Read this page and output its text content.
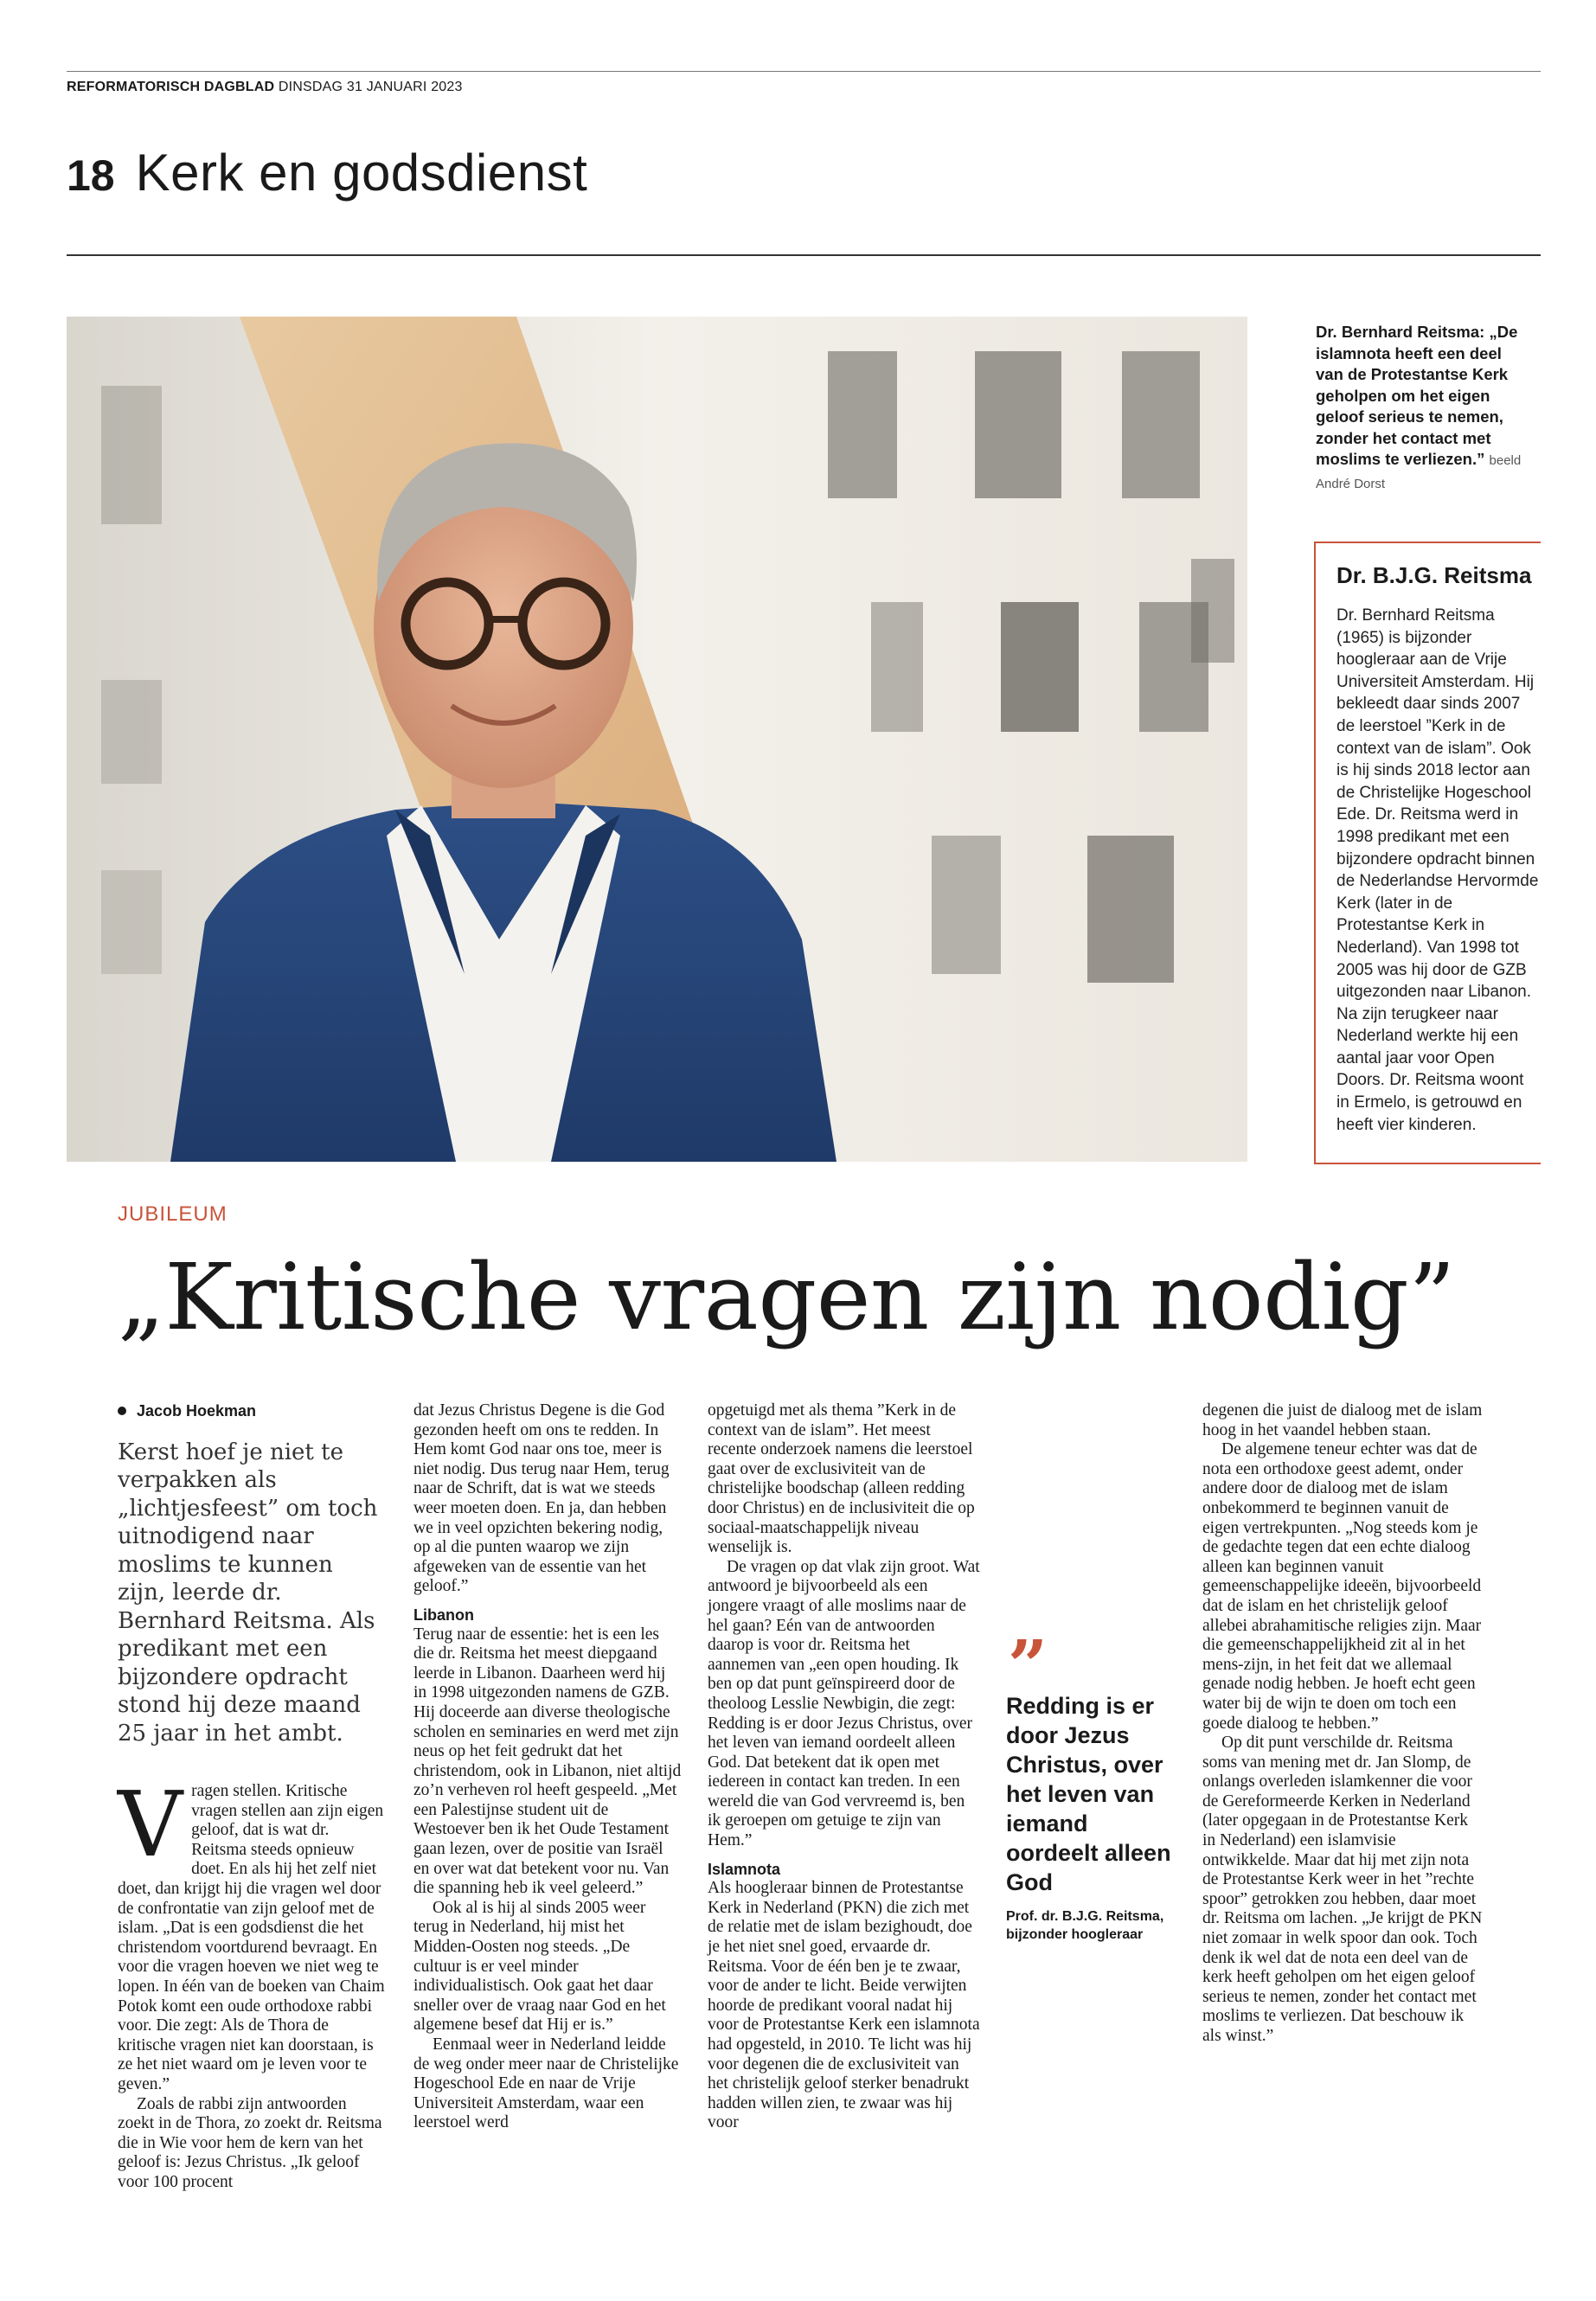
REFORMATORISCH DAGBLAD DINSDAG 31 JANUARI 2023
18 Kerk en godsdienst
Dr. Bernhard Reitsma: „De islamnota heeft een deel van de Protestantse Kerk geholpen om het eigen geloof serieus te nemen, zonder het contact met moslims te verliezen.” beeld André Dorst
Dr. B.J.G. Reitsma
Dr. Bernhard Reitsma (1965) is bijzonder hoogleraar aan de Vrije Universiteit Amsterdam. Hij bekleedt daar sinds 2007 de leerstoel ”Kerk in de context van de islam”. Ook is hij sinds 2018 lector aan de Christelijke Hogeschool Ede. Dr. Reitsma werd in 1998 predikant met een bijzondere opdracht binnen de Nederlandse Hervormde Kerk (later in de Protestantse Kerk in Nederland). Van 1998 tot 2005 was hij door de GZB uitgezonden naar Libanon. Na zijn terugkeer naar Nederland werkte hij een aantal jaar voor Open Doors. Dr. Reitsma woont in Ermelo, is getrouwd en heeft vier kinderen.
JUBILEUM
„Kritische vragen zijn nodig”
Jacob Hoekman
Kerst hoef je niet te verpakken als „lichtjesfeest” om toch uitnodigend naar moslims te kunnen zijn, leerde dr. Bernhard Reitsma. Als predikant met een bijzondere opdracht stond hij deze maand 25 jaar in het ambt.

Vragen stellen. Kritische vragen stellen aan zijn eigen geloof, dat is wat dr. Reitsma steeds opnieuw doet. En als hij het zelf niet doet, dan krijgt hij die vragen wel door de confrontatie van zijn geloof met de islam. „Dat is een godsdienst die het christendom voortdurend bevraagt. En voor die vragen hoeven we niet weg te lopen. In één van de boeken van Chaim Potok komt een oude orthodoxe rabbi voor. Die zegt: Als de Thora de kritische vragen niet kan doorstaan, is ze het niet waard om je leven voor te geven.”

Zoals de rabbi zijn antwoorden zoekt in de Thora, zo zoekt dr. Reitsma die in Wie voor hem de kern van het geloof is: Jezus Christus. „Ik geloof voor 100 procent

dat Jezus Christus Degene is die God gezonden heeft om ons te redden. In Hem komt God naar ons toe, meer is niet nodig. Dus terug naar Hem, terug naar de Schrift, dat is wat we steeds weer moeten doen. En ja, dan hebben we in veel opzichten bekering nodig, op al die punten waarop we zijn afgeweken van de essentie van het geloof.”

Libanon

Terug naar de essentie: het is een les die dr. Reitsma het meest diepgaand leerde in Libanon. Daarheen werd hij in 1998 uitgezonden namens de GZB. Hij doceerde aan diverse theologische scholen en seminaries en werd met zijn neus op het feit gedrukt dat het christendom, ook in Libanon, niet altijd zo’n verheven rol heeft gespeeld. „Met een Palestijnse student uit de Westoever ben ik het Oude Testament gaan lezen, over de positie van Israël en over wat dat betekent voor nu. Van die spanning heb ik veel geleerd.”

Ook al is hij al sinds 2005 weer terug in Nederland, hij mist het Midden-Oosten nog steeds. „De cultuur is er veel minder individualistisch. Ook gaat het daar sneller over de vraag naar God en het algemene besef dat Hij er is.”

Eenmaal weer in Nederland leidde de weg onder meer naar de Christelijke Hogeschool Ede en naar de Vrije Universiteit Amsterdam, waar een leerstoel werd

opgetuigd met als thema ”Kerk in de context van de islam”. Het meest recente onderzoek namens die leerstoel gaat over de exclusiviteit van de christelijke boodschap (alleen redding door Christus) en de inclusiviteit die op sociaal-maatschappelijk niveau wenselijk is.

De vragen op dat vlak zijn groot. Wat antwoord je bijvoorbeeld als een jongere vraagt of alle moslims naar de hel gaan? Eén van de antwoorden daarop is voor dr. Reitsma het aannemen van „een open houding. Ik ben op dat punt geïnspireerd door de theoloog Lesslie Newbigin, die zegt: Redding is er door Jezus Christus, over het leven van iemand oordeelt alleen God. Dat betekent dat ik open met iedereen in contact kan treden. In een wereld die van God vervreemd is, ben ik geroepen om getuige te zijn van Hem.”

Islamnota

Als hoogleraar binnen de Protestantse Kerk in Nederland (PKN) die zich met de relatie met de islam bezighoudt, doe je het niet snel goed, ervaarde dr. Reitsma. Voor de één ben je te zwaar, voor de ander te licht. Beide verwijten hoorde de predikant vooral nadat hij voor de Protestantse Kerk een islamnota had opgesteld, in 2010. Te licht was hij voor degenen die de exclusiviteit van het christelijk geloof sterker benadrukt hadden willen zien, te zwaar was hij voor

”
Redding is er door Jezus Christus, over het leven van iemand oordeelt alleen God
Prof. dr. B.J.G. Reitsma, bijzonder hoogleraar

degenen die juist de dialoog met de islam hoog in het vaandel hebben staan.

De algemene teneur echter was dat de nota een orthodoxe geest ademt, onder andere door de dialoog met de islam onbekommerd te beginnen vanuit de eigen vertrekpunten. „Nog steeds kom je de gedachte tegen dat een echte dialoog alleen kan beginnen vanuit gemeenschappelijke ideeën, bijvoorbeeld dat de islam en het christelijk geloof allebei abrahamitische religies zijn. Maar die gemeenschappelijkheid zit al in het mens-zijn, in het feit dat we allemaal genade nodig hebben. Je hoeft echt geen water bij de wijn te doen om toch een goede dialoog te hebben.”

Op dit punt verschilde dr. Reitsma soms van mening met dr. Jan Slomp, de onlangs overleden islamkenner die voor de Gereformeerde Kerken in Nederland (later opgegaan in de Protestantse Kerk in Nederland) een islamvisie ontwikkelde. Maar dat hij met zijn nota de Protestantse Kerk weer in het ”rechte spoor” getrokken zou hebben, daar moet dr. Reitsma om lachen. „Je krijgt de PKN niet zomaar in welk spoor dan ook. Toch denk ik wel dat de nota een deel van de kerk heeft geholpen om het eigen geloof serieus te nemen, zonder het contact met moslims te verliezen. Dat beschouw ik als winst.”
